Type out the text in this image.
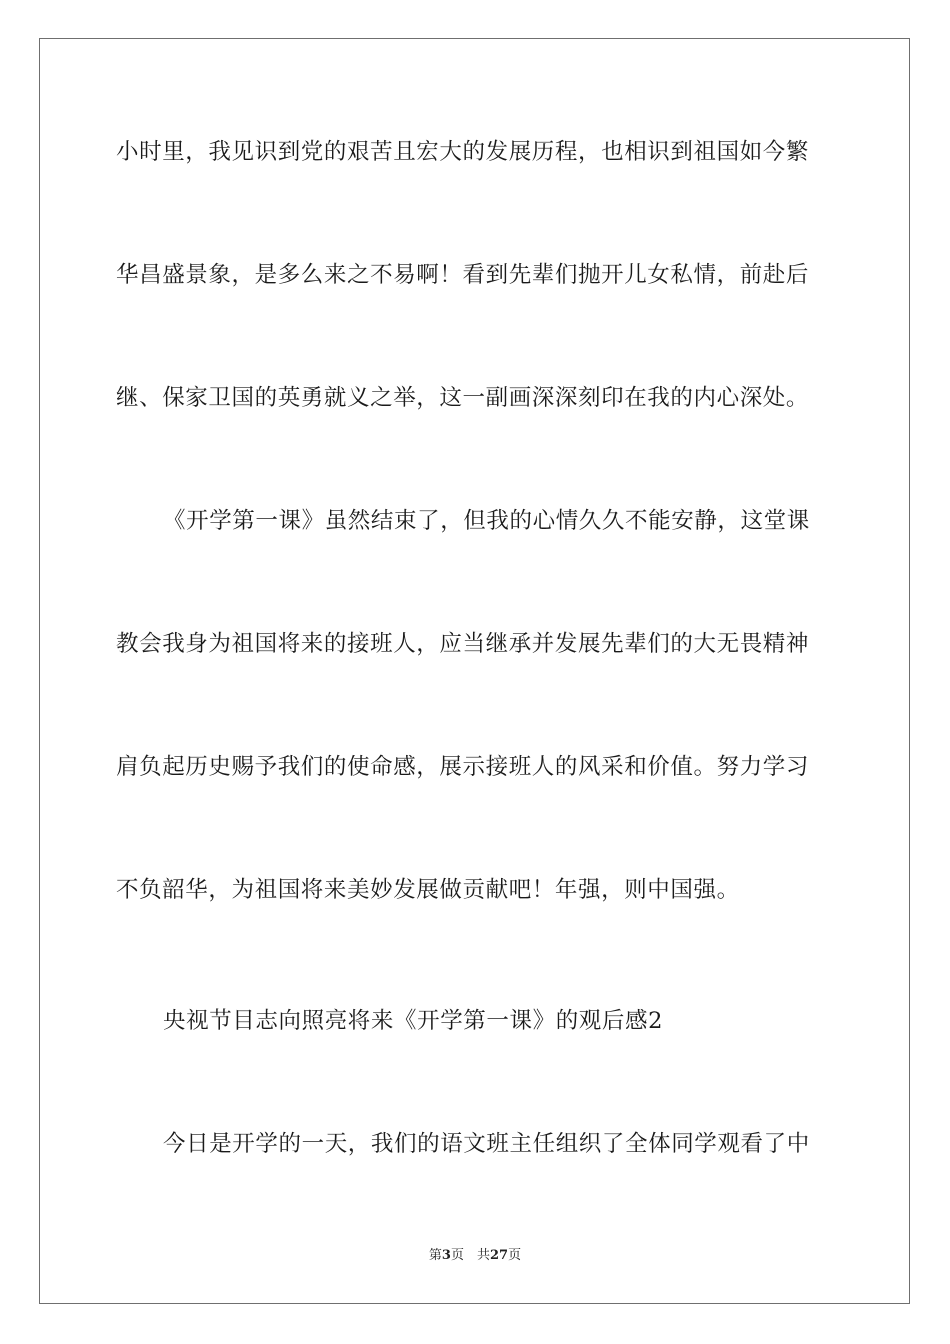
小时里，我见识到党的艰苦且宏大的发展历程，也相识到祖国如今繁
华昌盛景象，是多么来之不易啊！看到先辈们抛开儿女私情，前赴后
继、保家卫国的英勇就义之举，这一副画深深刻印在我的内心深处。
《开学第一课》虽然结束了，但我的心情久久不能安静，这堂课
教会我身为祖国将来的接班人，应当继承并发展先辈们的大无畏精神
肩负起历史赐予我们的使命感，展示接班人的风采和价值。努力学习
不负韶华，为祖国将来美妙发展做贡献吧！年强，则中国强。
央视节目志向照亮将来《开学第一课》的观后感2
今日是开学的一天，我们的语文班主任组织了全体同学观看了中
第3页　共27页
